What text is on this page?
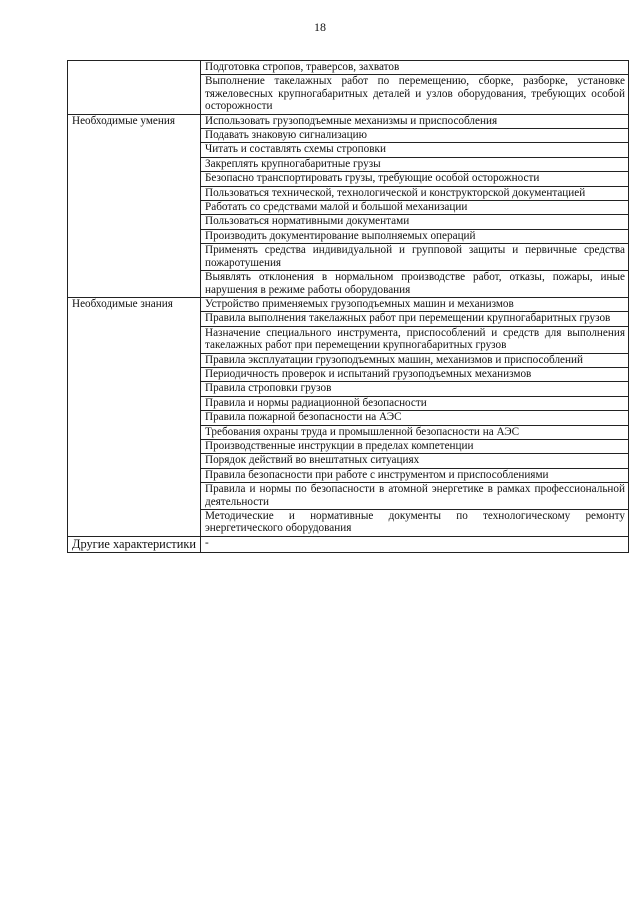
18
	Подготовка стропов, траверсов, захватов
	Выполнение такелажных работ по перемещению, сборке, разборке, установке тяжеловесных крупногабаритных деталей и узлов оборудования, требующих особой осторожности
Необходимые умения	Использовать грузоподъемные механизмы и приспособления
	Подавать знаковую сигнализацию
	Читать и составлять схемы строповки
	Закреплять крупногабаритные грузы
	Безопасно транспортировать грузы, требующие особой осторожности
	Пользоваться технической, технологической и конструкторской документацией
	Работать со средствами малой и большой механизации
	Пользоваться нормативными документами
	Производить документирование выполняемых операций
	Применять средства индивидуальной и групповой защиты и первичные средства пожаротушения
	Выявлять отклонения в нормальном производстве работ, отказы, пожары, иные нарушения в режиме работы оборудования
Необходимые знания	Устройство применяемых грузоподъемных машин и механизмов
	Правила выполнения такелажных работ при перемещении крупногабаритных грузов
	Назначение специального инструмента, приспособлений и средств для выполнения такелажных работ при перемещении крупногабаритных грузов
	Правила эксплуатации грузоподъемных машин, механизмов и приспособлений
	Периодичность проверок и испытаний грузоподъемных механизмов
	Правила строповки грузов
	Правила и нормы радиационной безопасности
	Правила пожарной безопасности на АЭС
	Требования охраны труда и промышленной безопасности на АЭС
	Производственные инструкции в пределах компетенции
	Порядок действий во внештатных ситуациях
	Правила безопасности при работе с инструментом и приспособлениями
	Правила и нормы по безопасности в атомной энергетике в рамках профессиональной деятельности
	Методические и нормативные документы по технологическому ремонту энергетического оборудования
Другие характеристики	-
